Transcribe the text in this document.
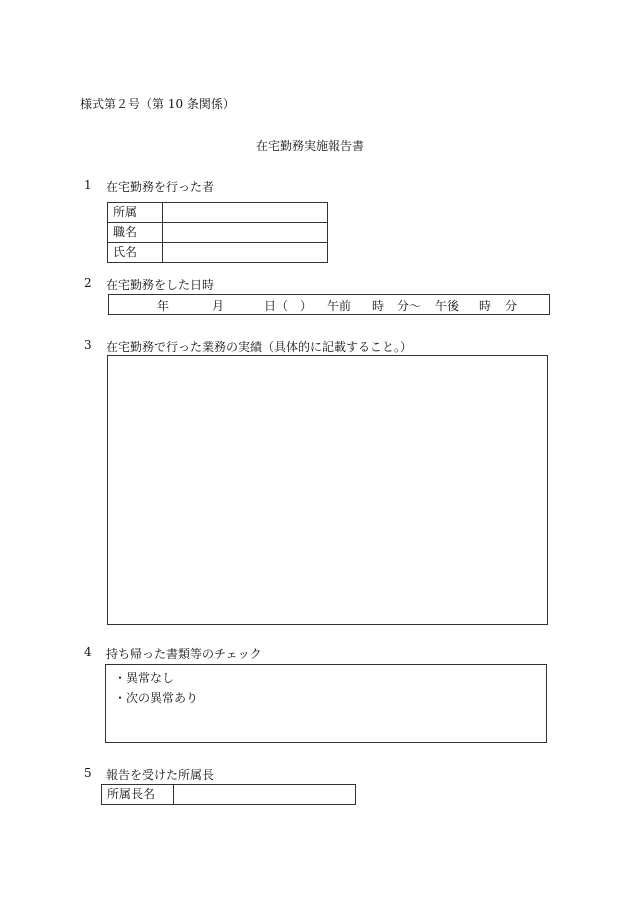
様式第２号（第 10 条関係）
在宅勤務実施報告書
1 在宅勤務を行った者
所属	
職名	
氏名	
2 在宅勤務をした日時
年	月	日 （　） 午前 時 分〜 午後 時 分
3 在宅勤務で行った業務の実績（具体的に記載すること。）
4 持ち帰った書類等のチェック
・異常なし
・次の異常あり
5 報告を受けた所属長
所属長名	
